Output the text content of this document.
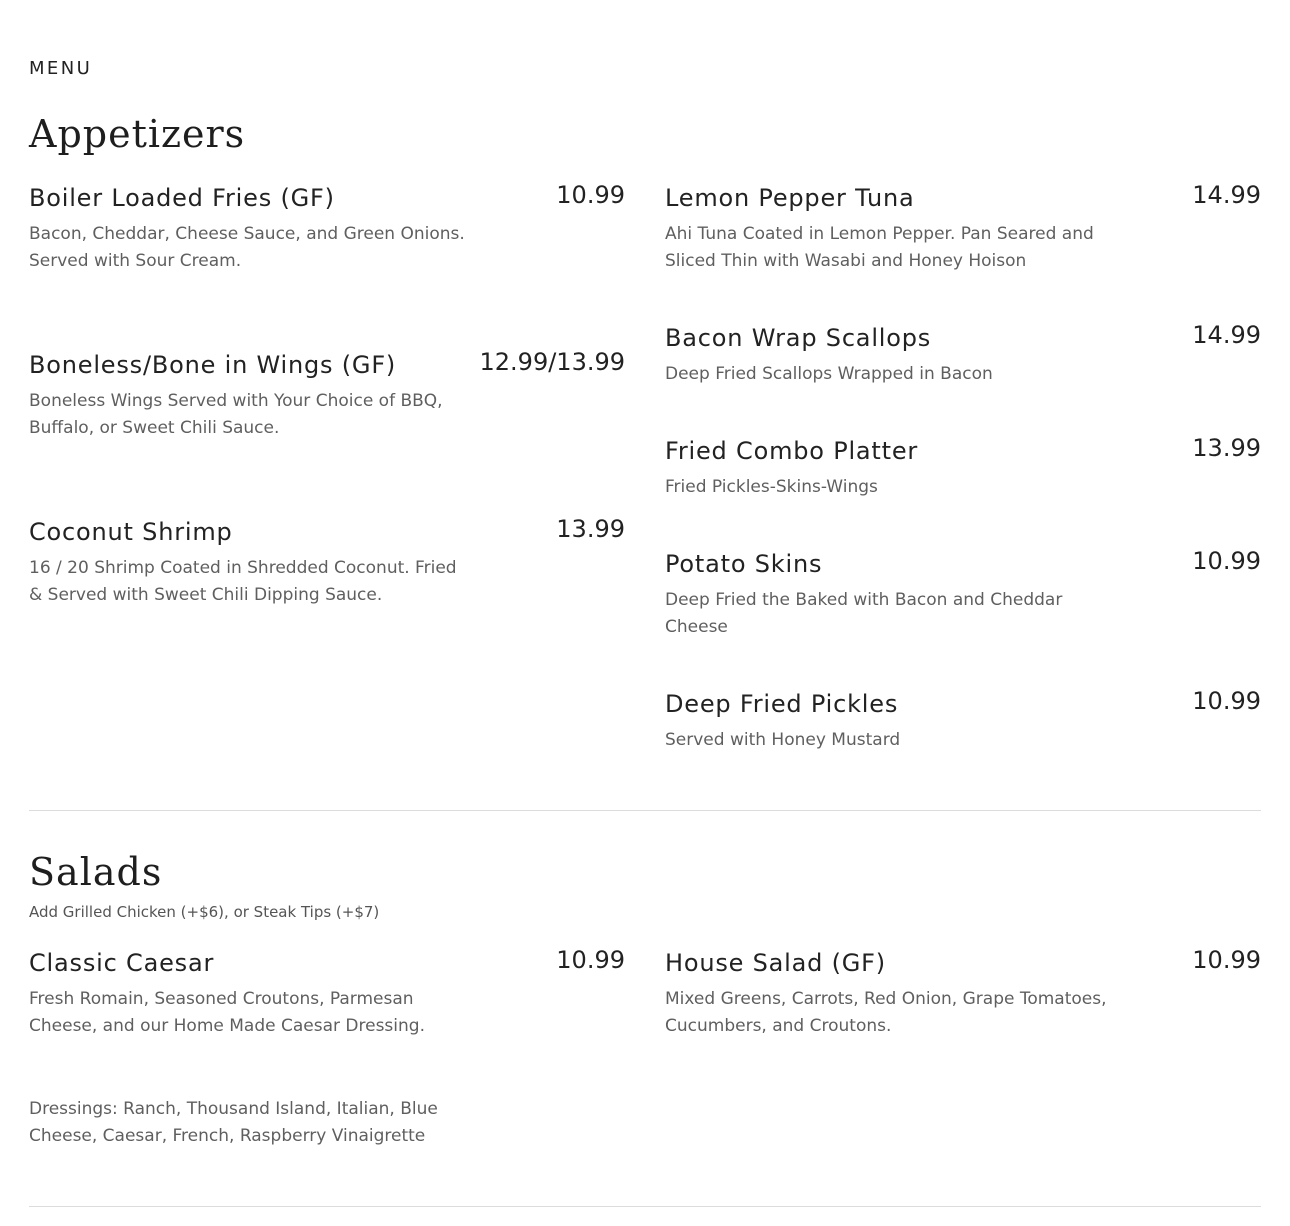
MENU
Appetizers
Boiler Loaded Fries (GF)	10.99
Bacon, Cheddar, Cheese Sauce, and Green Onions. Served with Sour Cream.
Boneless/Bone in Wings (GF)	12.99/13.99
Boneless Wings Served with Your Choice of BBQ, Buffalo, or Sweet Chili Sauce.
Coconut Shrimp	13.99
16 / 20 Shrimp Coated in Shredded Coconut. Fried & Served with Sweet Chili Dipping Sauce.
Lemon Pepper Tuna	14.99
Ahi Tuna Coated in Lemon Pepper. Pan Seared and Sliced Thin with Wasabi and Honey Hoison
Bacon Wrap Scallops	14.99
Deep Fried Scallops Wrapped in Bacon
Fried Combo Platter	13.99
Fried Pickles-Skins-Wings
Potato Skins	10.99
Deep Fried the Baked with Bacon and Cheddar Cheese
Deep Fried Pickles	10.99
Served with Honey Mustard
Salads
Add Grilled Chicken (+$6), or Steak Tips (+$7)
Classic Caesar	10.99
Fresh Romain, Seasoned Croutons, Parmesan Cheese, and our Home Made Caesar Dressing.
House Salad (GF)	10.99
Mixed Greens, Carrots, Red Onion, Grape Tomatoes, Cucumbers, and Croutons.
Dressings: Ranch, Thousand Island, Italian, Blue Cheese, Caesar, French, Raspberry Vinaigrette
